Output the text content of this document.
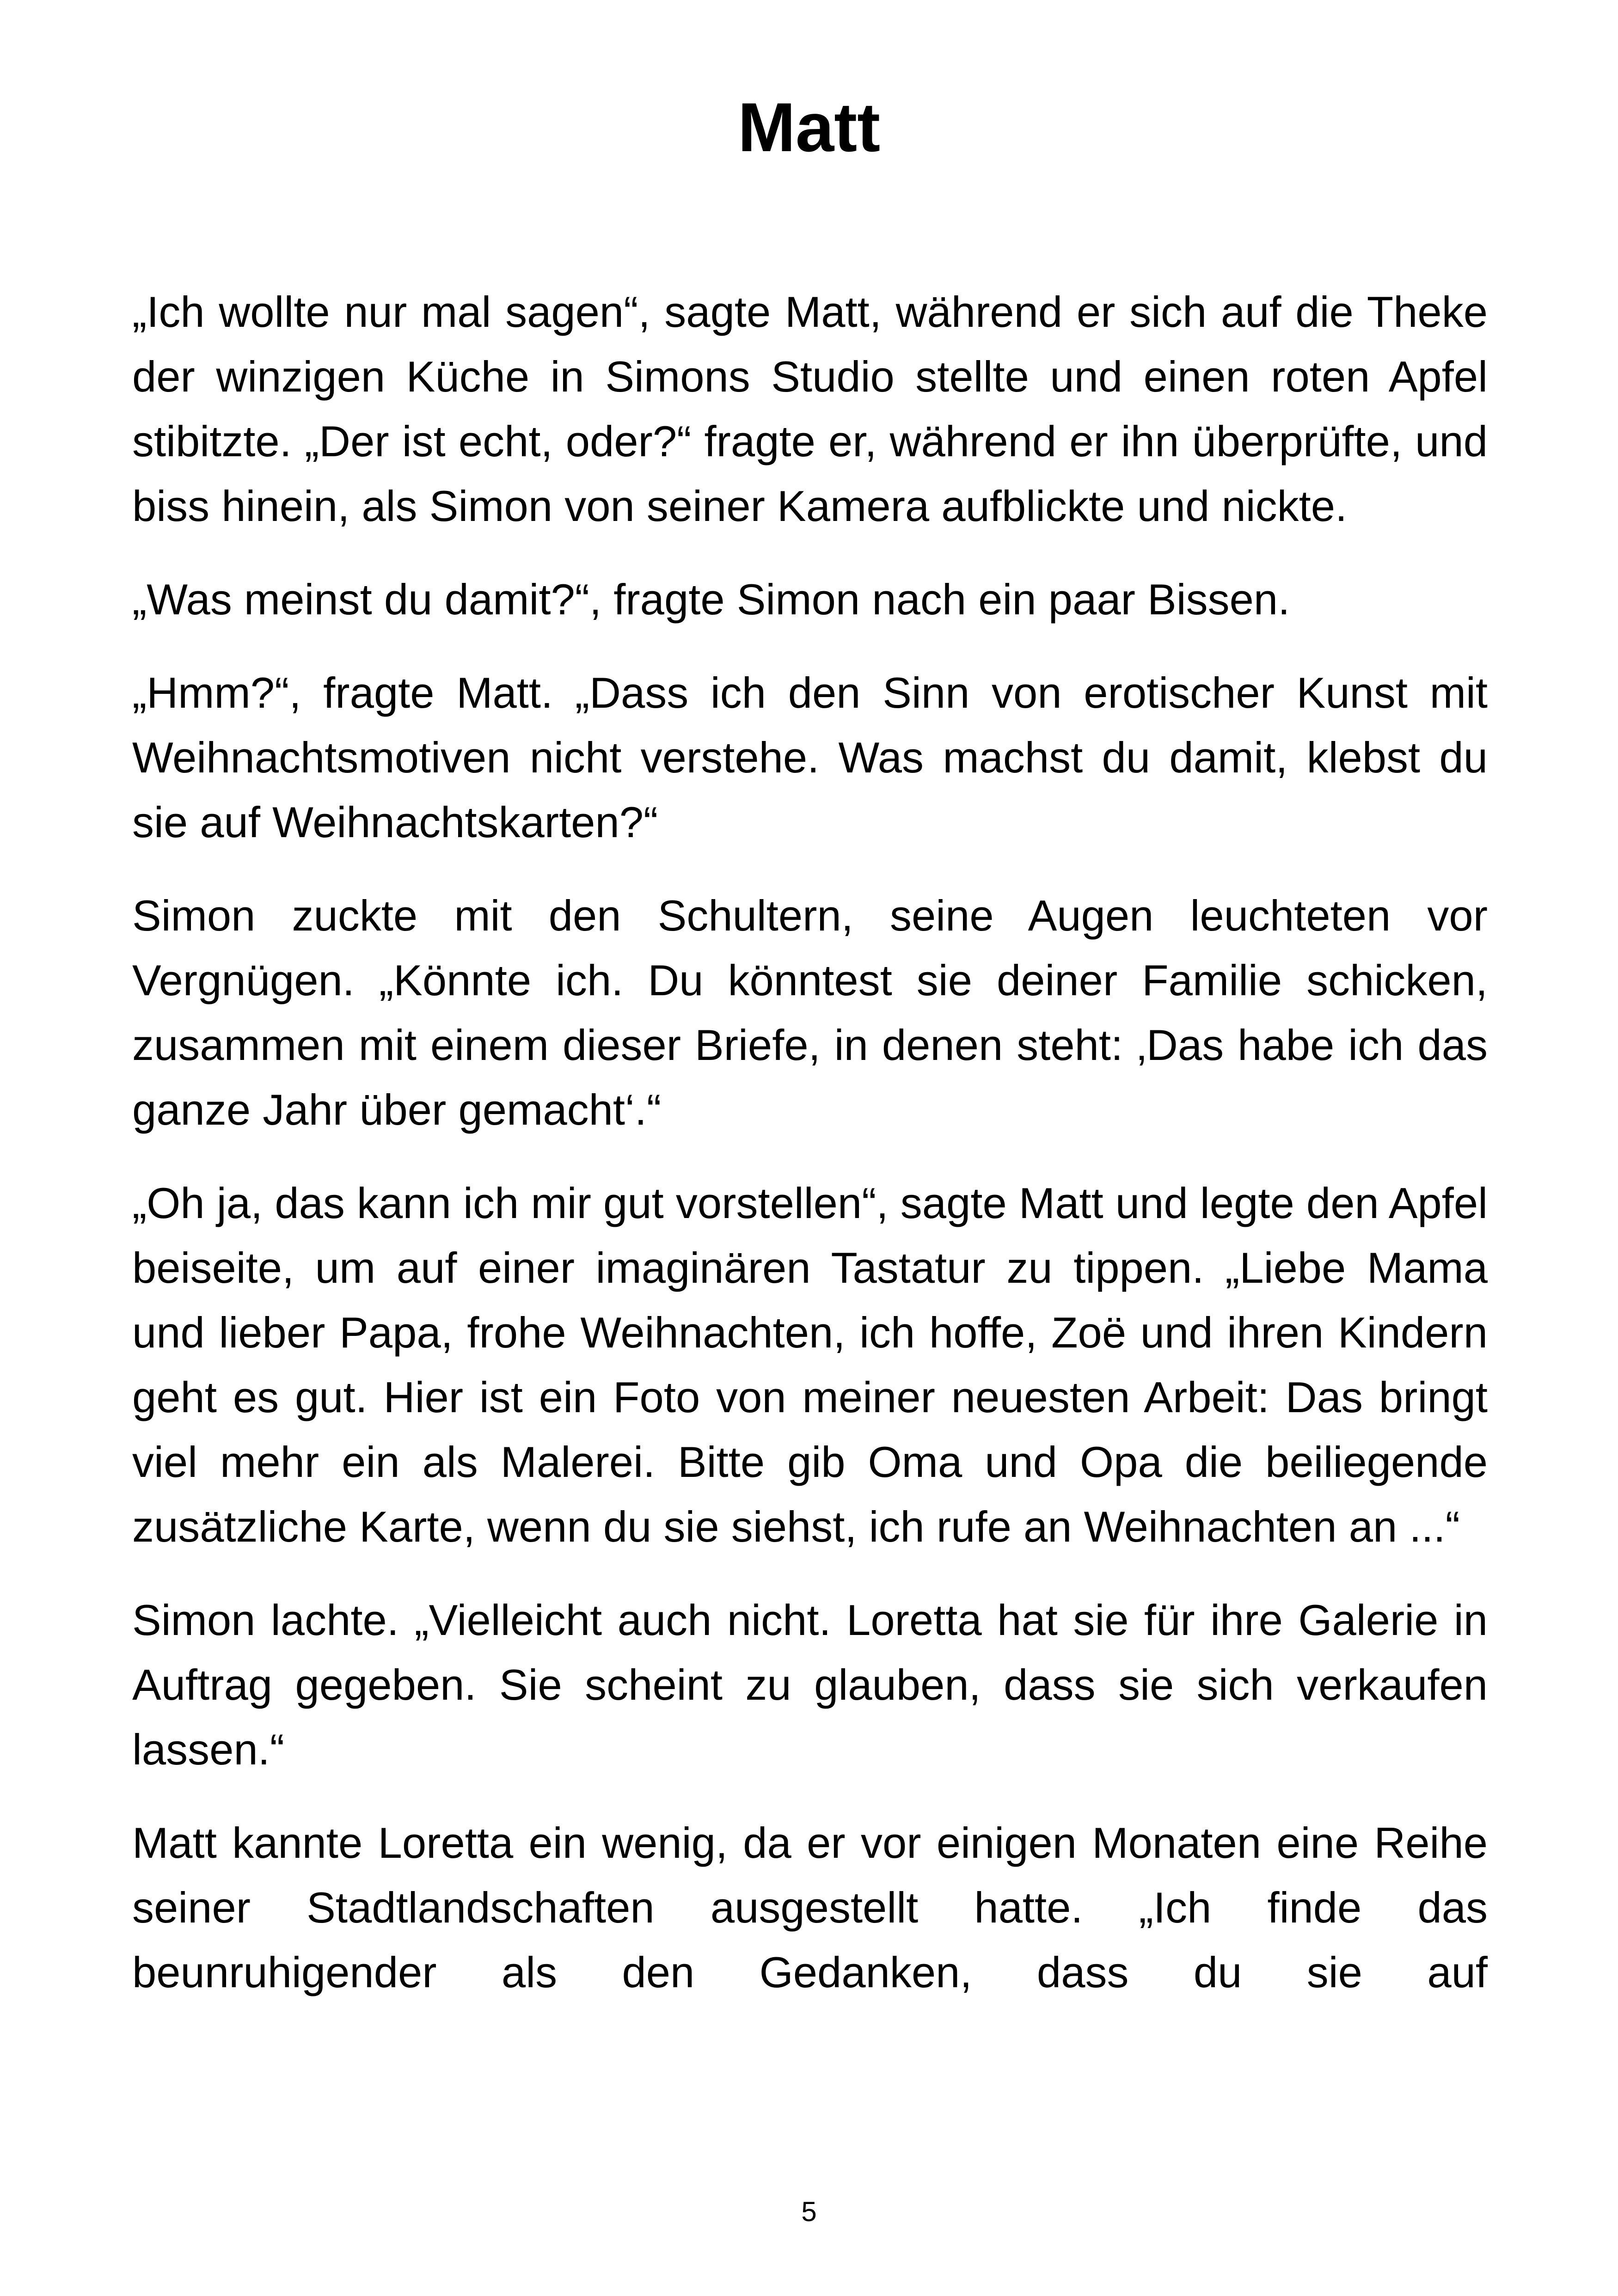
Matt

„Ich wollte nur mal sagen“, sagte Matt, während er sich auf die Theke der winzigen Küche in Simons Studio stellte und einen roten Apfel stibitzte. „Der ist echt, oder?“ fragte er, während er ihn überprüfte, und biss hinein, als Simon von seiner Kamera aufblickte und nickte.

„Was meinst du damit?“, fragte Simon nach ein paar Bissen.

„Hmm?“, fragte Matt. „Dass ich den Sinn von erotischer Kunst mit Weihnachtsmotiven nicht verstehe. Was machst du damit, klebst du sie auf Weihnachtskarten?“

Simon zuckte mit den Schultern, seine Augen leuchteten vor Vergnügen. „Könnte ich. Du könntest sie deiner Familie schicken, zusammen mit einem dieser Briefe, in denen steht: ‚Das habe ich das ganze Jahr über gemacht‘.“

„Oh ja, das kann ich mir gut vorstellen“, sagte Matt und legte den Apfel beiseite, um auf einer imaginären Tastatur zu tippen. „Liebe Mama und lieber Papa, frohe Weihnachten, ich hoffe, Zoë und ihren Kindern geht es gut. Hier ist ein Foto von meiner neuesten Arbeit: Das bringt viel mehr ein als Malerei. Bitte gib Oma und Opa die beiliegende zusätzliche Karte, wenn du sie siehst, ich rufe an Weihnachten an ...“

Simon lachte. „Vielleicht auch nicht. Loretta hat sie für ihre Galerie in Auftrag gegeben. Sie scheint zu glauben, dass sie sich verkaufen lassen.“

Matt kannte Loretta ein wenig, da er vor einigen Monaten eine Reihe seiner Stadtlandschaften ausgestellt hatte. „Ich finde das beunruhigender als den Gedanken, dass du sie auf

5
